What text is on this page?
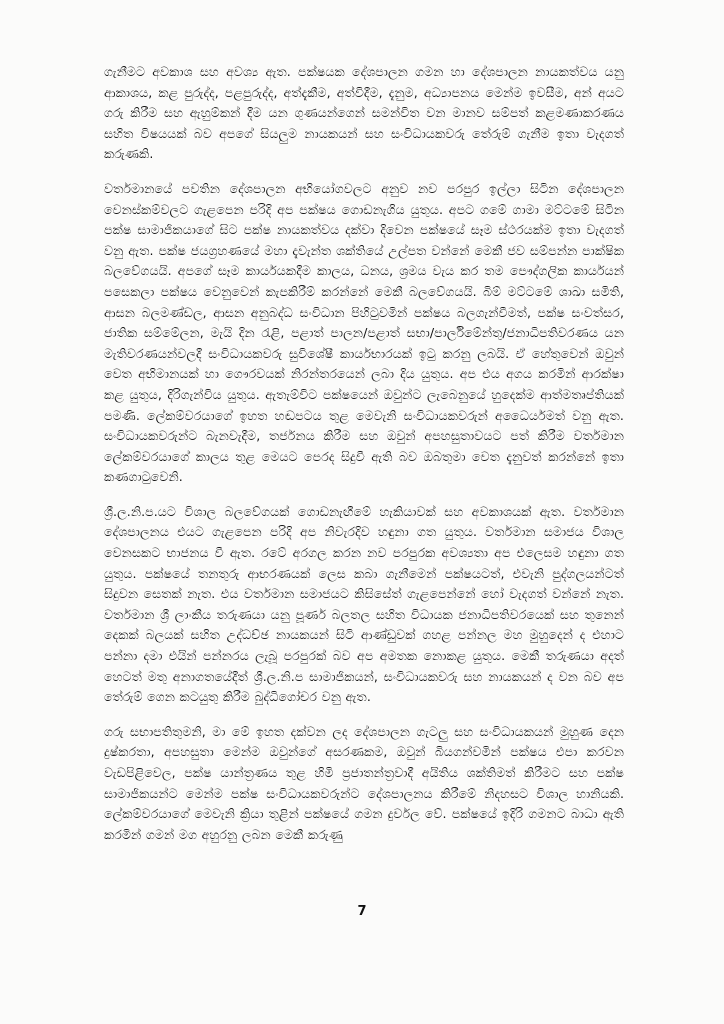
ගැනීමට අවකාශ සහ අවශ්‍ය ඇත. පක්ෂයක දේශපාලන ගමන හා දේශපාලන නායකත්වය යනු ආකාශය, කළ පුරුද්ද, පළපුරුද්ද, අත්දැකීම, අත්විදීම, දැනුම, අධ්‍යාපනය මෙන්ම ඉවසීම, අන් අයට ගරු කිරීම සහ ඇහුම්කන් දීම යන ගුණයන්ගෙන් සමන්විත වන මානව සම්පත් කළමණාකරණය සහිත විෂයයක් බව අපගේ සියලුම නායකයන් සහ සංවිධායකවරු තේරුම් ගැනීම ඉතා වැදගත් කරුණකි.

වර්තමානයේ පවතින දේශපාලන අභියෝගවලට අනුව නව පරපුර ඉල්ලා සිටින දේශපාලන වෙනස්කම්වලට ගැළපෙන පරිදි අප පක්ෂය ගොඩනැගිය යුතුය. අපට ගමේ ගාමා මට්ටමේ සිටින පක්ෂ සාමාජිකයාගේ සිට පක්ෂ නායකත්වය දක්වා දිවෙන පක්ෂයේ සෑම ස්ථරයක්ම ඉතා වැදගත් වනු ඇත. පක්ෂ ජයග්‍රහණයේ මහා දැවැන්ත ශක්තියේ උල්පත වන්නේ මෙකී ජව සම්පන්න පාක්ෂික බලවේගයයි. අපගේ සෑම කාර්යයකදීම කාලය, ධනය, ශ්‍රමය වැය කර තම පෞද්ගලික කාර්යයන් පසෙකලා පක්ෂය වෙනුවෙන් කැපකිරීම් කරන්නේ මෙකී බලවේගයයි. බිම් මට්ටමේ ශාඛා සමිති, ආසන බලමණ්ඩල, ආසන අනුබද්ධ සංවිධාන පිහිටුවමින් පක්ෂය බලගැන්වීමත්, පක්ෂ සංවත්සර, ජාතික සම්මේලන, මැයි දින රැළි, පළාත් පාලන/පළාත් සභා/පාර්ලිමේන්තු/ජනාධිපතිවරණය යන මැතිවරණයන්වලදී සංවිධායකවරු සුවිශේෂී කාර්යභාරයක් ඉටු කරනු ලබයි. ඒ හේතුවෙන් ඔවුන් වෙත අභිමානයක් හා ගෞරවයක් නිරන්තරයෙන් ලබා දිය යුතුය. අප එය අගය කරමින් ආරක්ෂා කළ යුතුය, දිරිගැන්විය යුතුය. ඇතැම්විට පක්ෂයෙන් ඔවුන්ට ලැබෙනුයේ හුදෙක්ම ආත්මතෘප්තියක් පමණි. ලේකම්වරයාගේ ඉහත හඬපටය තුළ මෙවැනි සංවිධායකවරුන් අධෛර්යමත් වනු ඇත. සංවිධායකවරුන්ට බැනවැදීම, තර්ජනය කිරීම සහ ඔවුන් අපහසුතාවයට පත් කිරීම වර්තමාන ලේකම්වරයාගේ කාලය තුළ මෙයට පෙරද සිදුවී ඇති බව ඔබතුමා වෙත දැනුවත් කරන්නේ ඉතා කණගාටුවෙනි.

ශ්‍රී.ල.නි.ප.යට විශාල බලවේගයක් ගොඩනැඟීමේ හැකියාවක් සහ අවකාශයක් ඇත. වර්තමාන දේශපාලනය එයට ගැළපෙන පරිදි අප නිවැරදිව හඳුනා ගත යුතුය. වර්තමාන සමාජය විශාල වෙනසකට භාජනය වී ඇත. රටේ අරගල කරන නව පරපුරක අවශ්‍යතා අප එලෙසම හඳුනා ගත යුතුය. පක්ෂයේ තනතුරු ආභරණයක් ලෙස කබා ගැනීමෙන් පක්ෂයටත්, එවැනි පුද්ගලයන්ටත් සිදුවන සෙතක් නැත. එය වර්තමාන සමාජයට කිසිසේත් ගැළපෙන්නේ හෝ වැදගත් වන්නේ නැත. වර්තමාන ශ්‍රී ලාංකීය තරුණයා යනු පූර්ණ බලතල සහිත විධායක ජනාධිපතිවරයෙක් සහ තුනෙන් දෙකක් බලයක් සහිත උද්ධච්ඡ නායකයන් සිටි ආණ්ඩුවක් ගහළ පන්නල මහ මුහුදෙන් ද එහාට පන්නා දමා එයින් පන්නරය ලැබූ පරපුරක් බව අප අමතක නොකළ යුතුය. මෙකී තරුණයා අදත් හෙටත් මතු අනාගතයේදීත් ශ්‍රී.ල.නි.ප සාමාජිකයන්, සංවිධායකවරු සහ නායකයන් ද වන බව අප තේරුම් ගෙන කටයුතු කිරීම බුද්ධිගෝචර වනු ඇත.

ගරු සභාපතිතුමනි, මා මේ ඉහත දක්වන ලද දේශපාලන ගැටලු සහ සංවිධායකයන් මුහුණ දෙන දුෂ්කරතා, අපහසුතා මෙන්ම ඔවුන්ගේ අසරණකම, ඔවුන් බියගන්වමින් පක්ෂය එපා කරවන වැඩපිළිවෙල, පක්ෂ යාන්ත්‍රණය තුළ හිමි ප්‍රජාතන්ත්‍රවාදී අයිතිය ශක්තිමත් කිරීමට සහ පක්ෂ සාමාජිකයන්ට මෙන්ම පක්ෂ සංවිධායකවරුන්ට දේශපාලනය කිරීමේ නිදහසට විශාල හානියකි. ලේකම්වරයාගේ මෙවැනි ක්‍රියා තුළින් පක්ෂයේ ගමන දුර්වල වේ. පක්ෂයේ ඉදිරි ගමනට බාධා ඇති කරමින් ගමන් මග අහුරනු ලබන මෙකී කරුණු

7
